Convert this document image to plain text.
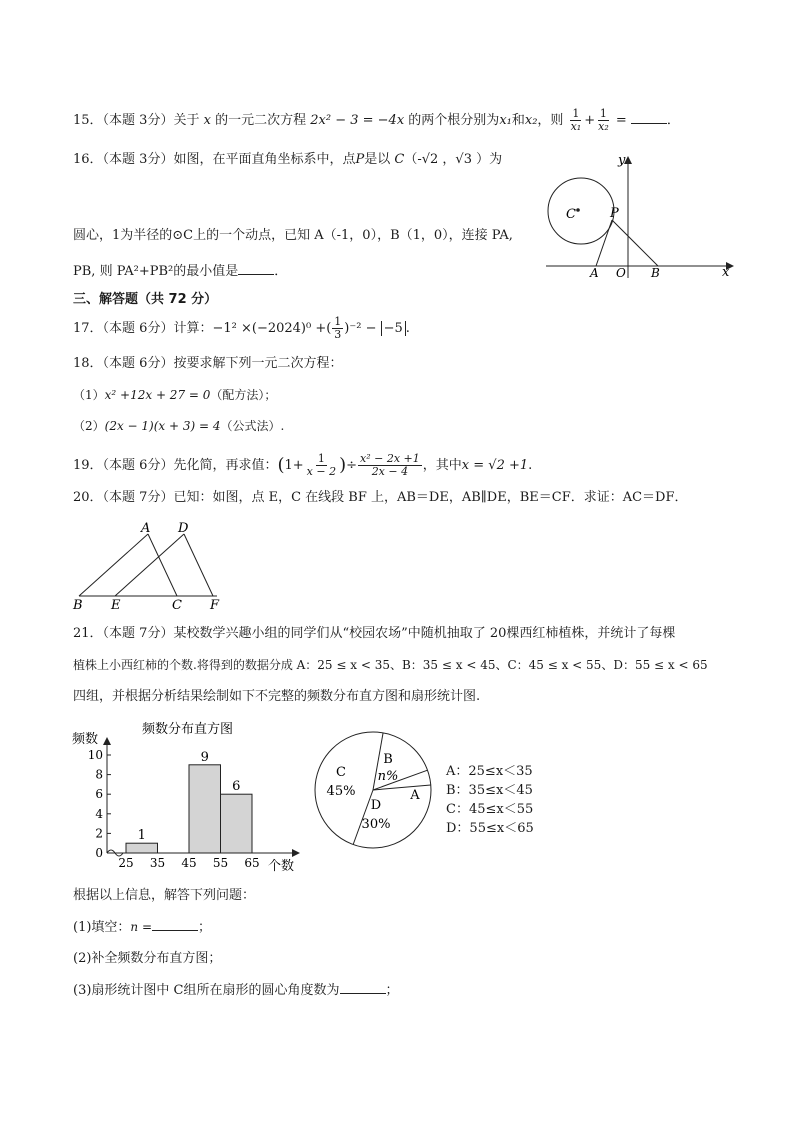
15．（本题 3分）关于 x 的一元二次方程 2x² − 3 = −4x 的两个根分别为x₁和x₂，则 $\frac{1}{\text{x₁}} + \frac{1}{\text{x₂}}$ =	．
16．（本题 3分）如图，在平面直角坐标系中，点P是以 C（-√2 ，√3 ）为
圆心，1为半径的⊙C上的一个动点，已知 A（-1，0），B（1，0），连接 PA,
PB, 则 PA²+PB²的最小值是	．
y
x
C	P
A O B
三、解答题（共 72 分）
17．（本题 6分）计算：−1² ×(−2024)⁰ +( $\frac{1}{3} )^{-2} - -5$ .
18．（本题 6分）按要求解下列一元二次方程：
（1）x² +12x + 27 = 0（配方法）；
（2）(2x − 1)(x + 3) = 4（公式法）.
19．（本题 6分）先化简，再求值：($1+ \frac{1}{x - 2}$ )÷ $\frac{\text{x² − 2x +1}}{2x - 4}$ ，其中x = √2 +1.
20．（本题 7分）已知：如图，点 E，C 在线段 BF 上，AB＝DE，AB∥DE，BE＝CF．求证：AC＝DF．
A D
B E	C F
21．（本题 7分）某校数学兴趣小组的同学们从“校园农场”中随机抽取了 20棵西红柿植株，并统计了每棵
植株上小西红柿的个数.将得到的数据分成 A：25 ≤ x < 35、B：35 ≤ x < 45、C：45 ≤ x < 55、D：55 ≤ x < 65
四组，并根据分析结果绘制如下不完整的频数分布直方图和扇形统计图.
频数分布直方图
频数
个数
0
2
4
6
8
10
25 35 45 55 65
1
9
6
A
B
n%
C
45%
D
30%
A：25≤x＜35
B：35≤x＜45
C：45≤x＜55
D：55≤x＜65
根据以上信息，解答下列问题：
(1)填空：n =	；
(2)补全频数分布直方图；
(3)扇形统计图中 C组所在扇形的圆心角度数为	；
